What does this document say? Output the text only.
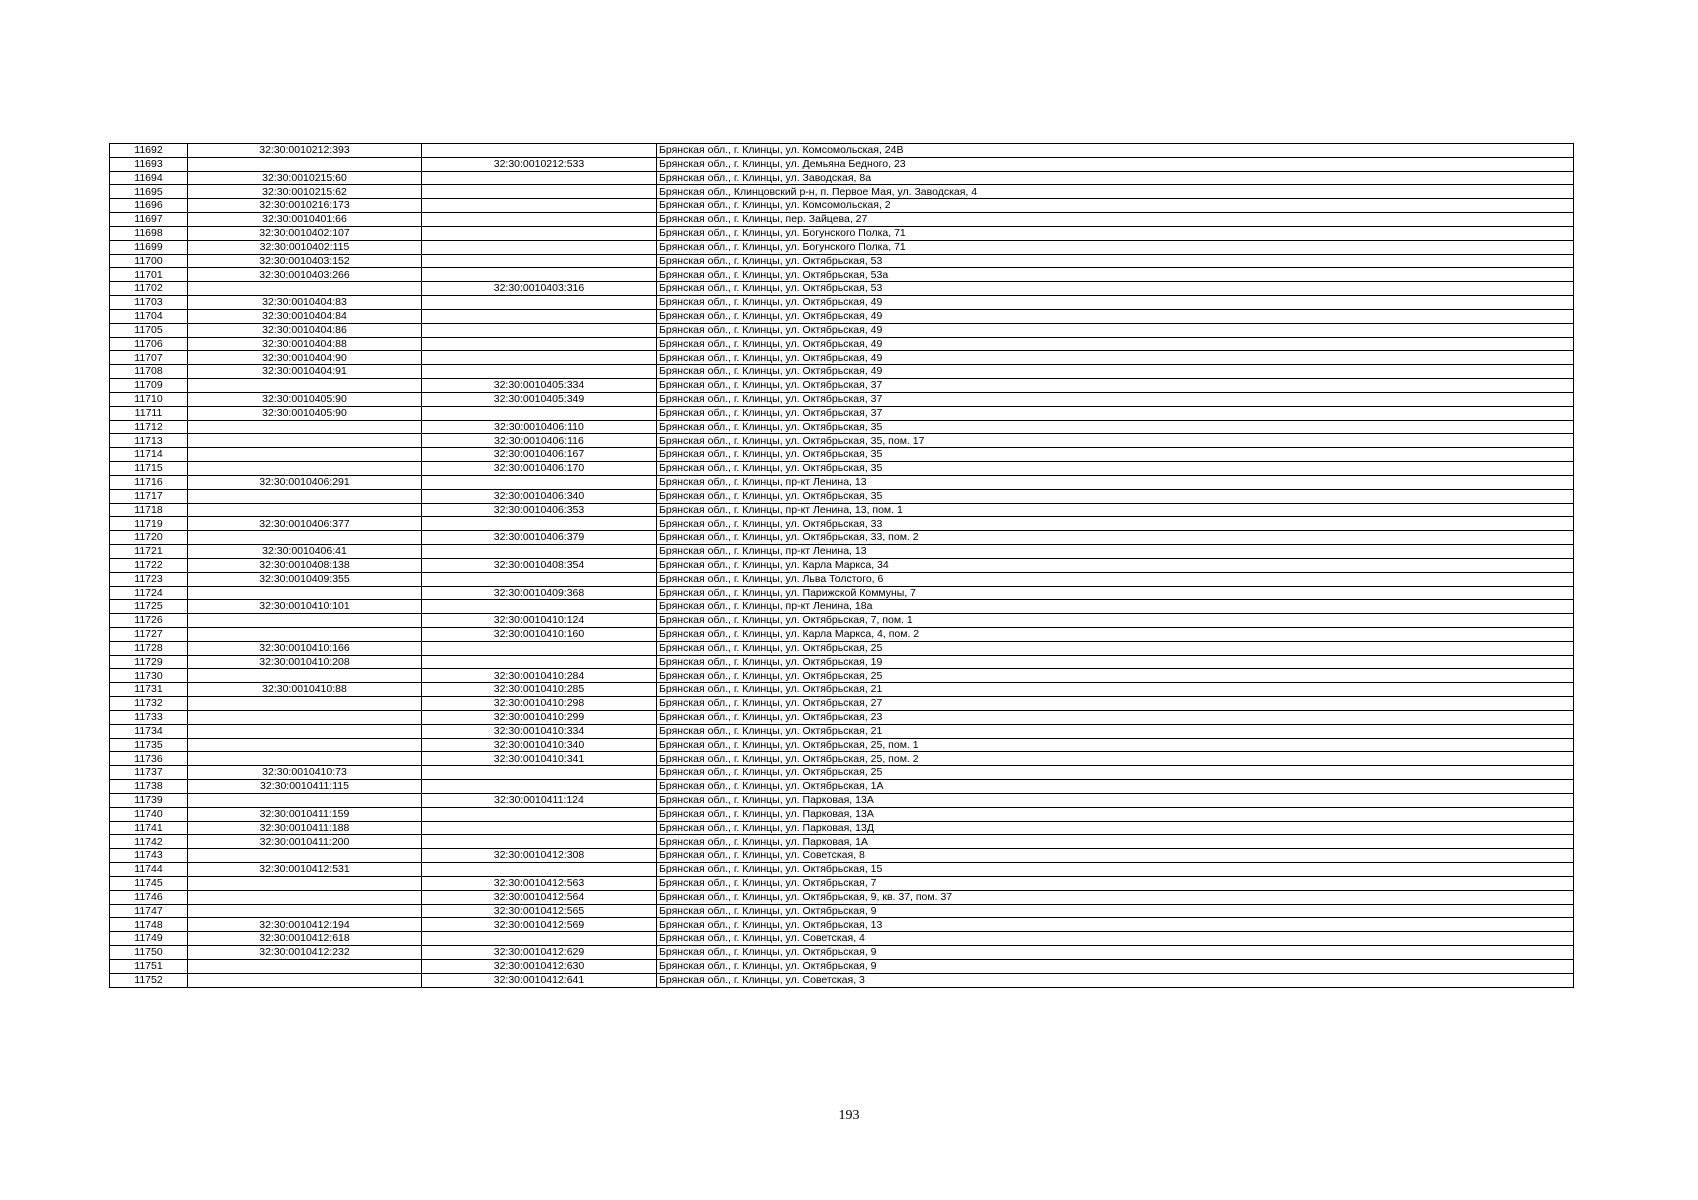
11692	32:30:0010212:393		Брянская обл., г. Клинцы, ул. Комсомольская, 24В
11693		32:30:0010212:533	Брянская обл., г. Клинцы, ул. Демьяна Бедного, 23
11694	32:30:0010215:60		Брянская обл., г. Клинцы, ул. Заводская, 8а
11695	32:30:0010215:62		Брянская обл., Клинцовский р-н, п. Первое Мая, ул. Заводская, 4
11696	32:30:0010216:173		Брянская обл., г. Клинцы, ул. Комсомольская, 2
11697	32:30:0010401:66		Брянская обл., г. Клинцы, пер. Зайцева, 27
11698	32:30:0010402:107		Брянская обл., г. Клинцы, ул. Богунского Полка, 71
11699	32:30:0010402:115		Брянская обл., г. Клинцы, ул. Богунского Полка, 71
11700	32:30:0010403:152		Брянская обл., г. Клинцы, ул. Октябрьская, 53
11701	32:30:0010403:266		Брянская обл., г. Клинцы, ул. Октябрьская, 53а
11702		32:30:0010403:316	Брянская обл., г. Клинцы, ул. Октябрьская, 53
11703	32:30:0010404:83		Брянская обл., г. Клинцы, ул. Октябрьская, 49
11704	32:30:0010404:84		Брянская обл., г. Клинцы, ул. Октябрьская, 49
11705	32:30:0010404:86		Брянская обл., г. Клинцы, ул. Октябрьская, 49
11706	32:30:0010404:88		Брянская обл., г. Клинцы, ул. Октябрьская, 49
11707	32:30:0010404:90		Брянская обл., г. Клинцы, ул. Октябрьская, 49
11708	32:30:0010404:91		Брянская обл., г. Клинцы, ул. Октябрьская, 49
11709		32:30:0010405:334	Брянская обл., г. Клинцы, ул. Октябрьская, 37
11710	32:30:0010405:90	32:30:0010405:349	Брянская обл., г. Клинцы, ул. Октябрьская, 37
11711	32:30:0010405:90		Брянская обл., г. Клинцы, ул. Октябрьская, 37
11712		32:30:0010406:110	Брянская обл., г. Клинцы, ул. Октябрьская, 35
11713		32:30:0010406:116	Брянская обл., г. Клинцы, ул. Октябрьская, 35, пом. 17
11714		32:30:0010406:167	Брянская обл., г. Клинцы, ул. Октябрьская, 35
11715		32:30:0010406:170	Брянская обл., г. Клинцы, ул. Октябрьская, 35
11716	32:30:0010406:291		Брянская обл., г. Клинцы, пр-кт Ленина, 13
11717		32:30:0010406:340	Брянская обл., г. Клинцы, ул. Октябрьская, 35
11718		32:30:0010406:353	Брянская обл., г. Клинцы, пр-кт Ленина, 13, пом. 1
11719	32:30:0010406:377		Брянская обл., г. Клинцы, ул. Октябрьская, 33
11720		32:30:0010406:379	Брянская обл., г. Клинцы, ул. Октябрьская, 33, пом. 2
11721	32:30:0010406:41		Брянская обл., г. Клинцы, пр-кт Ленина, 13
11722	32:30:0010408:138	32:30:0010408:354	Брянская обл., г. Клинцы, ул. Карла Маркса, 34
11723	32:30:0010409:355		Брянская обл., г. Клинцы, ул. Льва Толстого, 6
11724		32:30:0010409:368	Брянская обл., г. Клинцы, ул. Парижской Коммуны, 7
11725	32:30:0010410:101		Брянская обл., г. Клинцы, пр-кт Ленина, 18а
11726		32:30:0010410:124	Брянская обл., г. Клинцы, ул. Октябрьская, 7, пом. 1
11727		32:30:0010410:160	Брянская обл., г. Клинцы, ул. Карла Маркса, 4, пом. 2
11728	32:30:0010410:166		Брянская обл., г. Клинцы, ул. Октябрьская, 25
11729	32:30:0010410:208		Брянская обл., г. Клинцы, ул. Октябрьская, 19
11730		32:30:0010410:284	Брянская обл., г. Клинцы, ул. Октябрьская, 25
11731	32:30:0010410:88	32:30:0010410:285	Брянская обл., г. Клинцы, ул. Октябрьская, 21
11732		32:30:0010410:298	Брянская обл., г. Клинцы, ул. Октябрьская, 27
11733		32:30:0010410:299	Брянская обл., г. Клинцы, ул. Октябрьская, 23
11734		32:30:0010410:334	Брянская обл., г. Клинцы, ул. Октябрьская, 21
11735		32:30:0010410:340	Брянская обл., г. Клинцы, ул. Октябрьская, 25, пом. 1
11736		32:30:0010410:341	Брянская обл., г. Клинцы, ул. Октябрьская, 25, пом. 2
11737	32:30:0010410:73		Брянская обл., г. Клинцы, ул. Октябрьская, 25
11738	32:30:0010411:115		Брянская обл., г. Клинцы, ул. Октябрьская, 1А
11739		32:30:0010411:124	Брянская обл., г. Клинцы, ул. Парковая, 13А
11740	32:30:0010411:159		Брянская обл., г. Клинцы, ул. Парковая, 13А
11741	32:30:0010411:188		Брянская обл., г. Клинцы, ул. Парковая, 13Д
11742	32:30:0010411:200		Брянская обл., г. Клинцы, ул. Парковая, 1А
11743		32:30:0010412:308	Брянская обл., г. Клинцы, ул. Советская, 8
11744	32:30:0010412:531		Брянская обл., г. Клинцы, ул. Октябрьская, 15
11745		32:30:0010412:563	Брянская обл., г. Клинцы, ул. Октябрьская, 7
11746		32:30:0010412:564	Брянская обл., г. Клинцы, ул. Октябрьская, 9, кв. 37, пом. 37
11747		32:30:0010412:565	Брянская обл., г. Клинцы, ул. Октябрьская, 9
11748	32:30:0010412:194	32:30:0010412:569	Брянская обл., г. Клинцы, ул. Октябрьская, 13
11749	32:30:0010412:618		Брянская обл., г. Клинцы, ул. Советская, 4
11750	32:30:0010412:232	32:30:0010412:629	Брянская обл., г. Клинцы, ул. Октябрьская, 9
11751		32:30:0010412:630	Брянская обл., г. Клинцы, ул. Октябрьская, 9
11752		32:30:0010412:641	Брянская обл., г. Клинцы, ул. Советская, 3
193
